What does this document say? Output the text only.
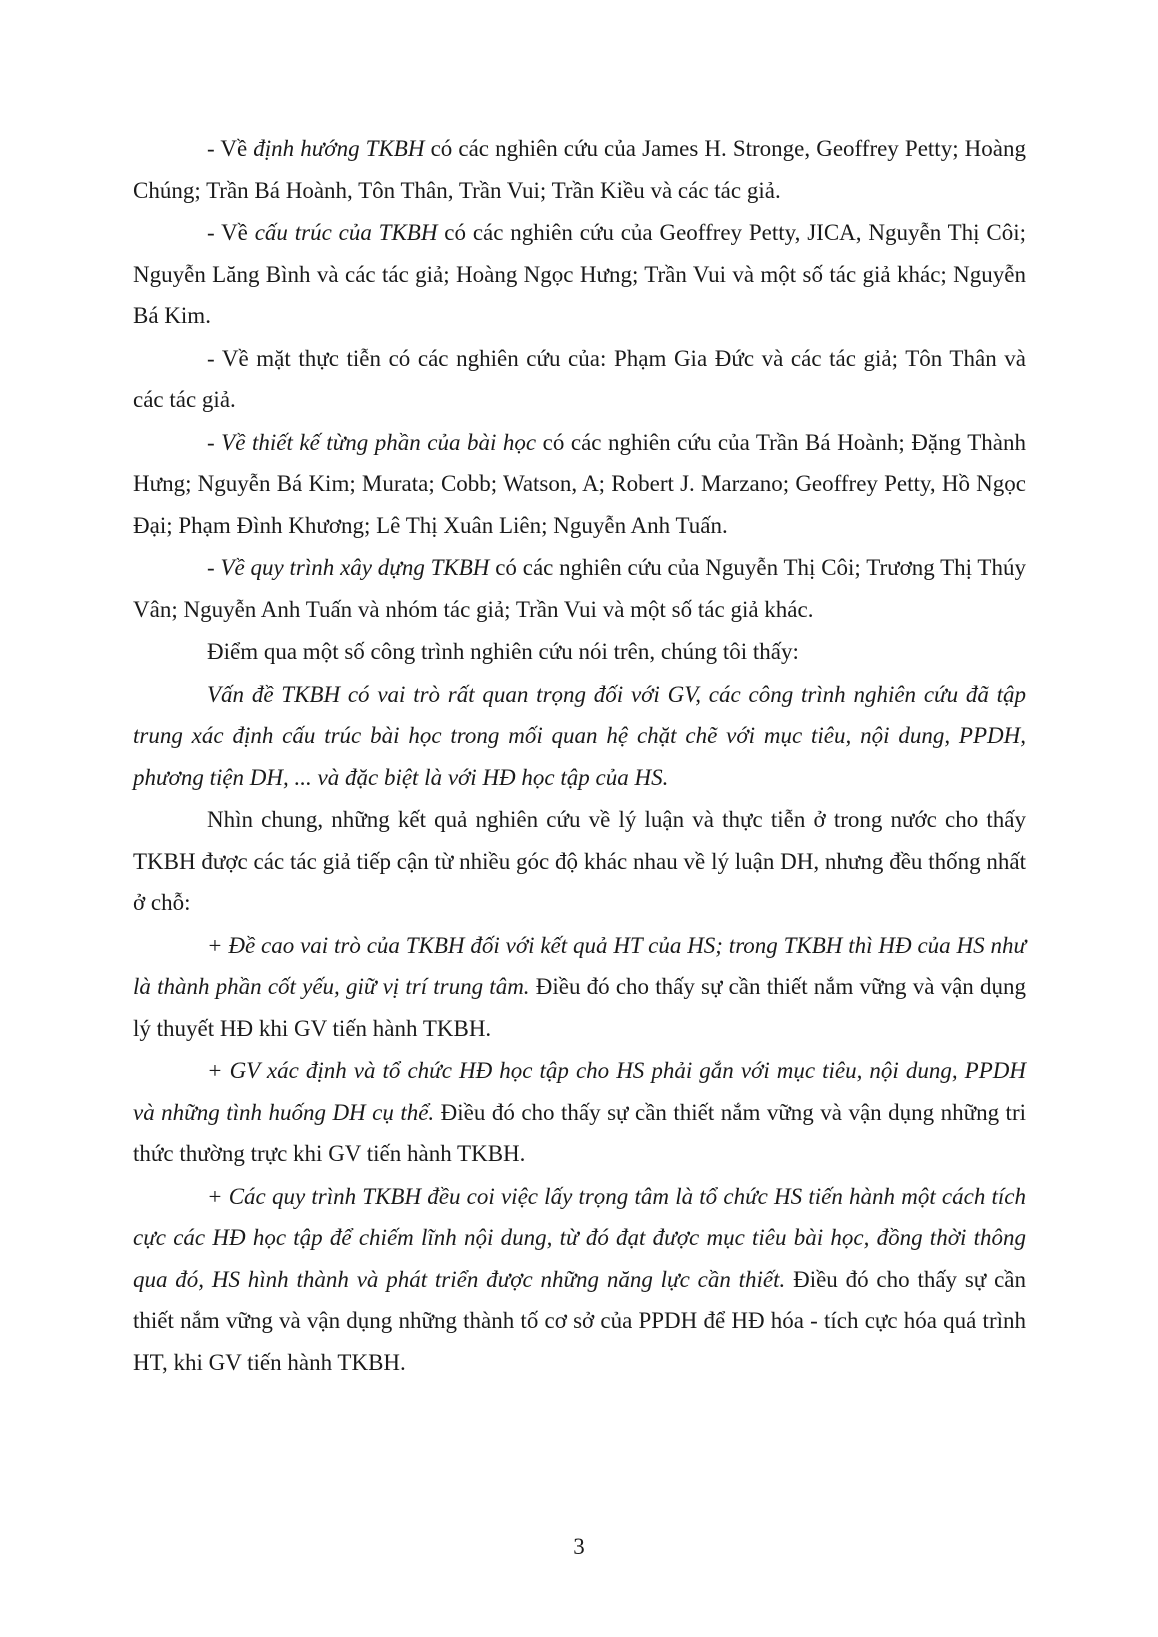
- Về định hướng TKBH có các nghiên cứu của James H. Stronge, Geoffrey Petty; Hoàng Chúng; Trần Bá Hoành, Tôn Thân, Trần Vui; Trần Kiều và các tác giả.

- Về cấu trúc của TKBH có các nghiên cứu của Geoffrey Petty, JICA, Nguyễn Thị Côi; Nguyễn Lăng Bình và các tác giả; Hoàng Ngọc Hưng; Trần Vui và một số tác giả khác; Nguyễn Bá Kim.

- Về mặt thực tiễn có các nghiên cứu của: Phạm Gia Đức và các tác giả; Tôn Thân và các tác giả.

- Về thiết kế từng phần của bài học có các nghiên cứu của Trần Bá Hoành; Đặng Thành Hưng; Nguyễn Bá Kim; Murata; Cobb; Watson, A; Robert J. Marzano; Geoffrey Petty, Hồ Ngọc Đại; Phạm Đình Khương; Lê Thị Xuân Liên; Nguyễn Anh Tuấn.

- Về quy trình xây dựng TKBH có các nghiên cứu của Nguyễn Thị Côi; Trương Thị Thúy Vân; Nguyễn Anh Tuấn và nhóm tác giả; Trần Vui và một số tác giả khác.

Điểm qua một số công trình nghiên cứu nói trên, chúng tôi thấy:

Vấn đề TKBH có vai trò rất quan trọng đối với GV, các công trình nghiên cứu đã tập trung xác định cấu trúc bài học trong mối quan hệ chặt chẽ với mục tiêu, nội dung, PPDH, phương tiện DH, ... và đặc biệt là với HĐ học tập của HS.

Nhìn chung, những kết quả nghiên cứu về lý luận và thực tiễn ở trong nước cho thấy TKBH được các tác giả tiếp cận từ nhiều góc độ khác nhau về lý luận DH, nhưng đều thống nhất ở chỗ:

+ Đề cao vai trò của TKBH đối với kết quả HT của HS; trong TKBH thì HĐ của HS như là thành phần cốt yếu, giữ vị trí trung tâm. Điều đó cho thấy sự cần thiết nắm vững và vận dụng lý thuyết HĐ khi GV tiến hành TKBH.

+ GV xác định và tổ chức HĐ học tập cho HS phải gắn với mục tiêu, nội dung, PPDH và những tình huống DH cụ thể. Điều đó cho thấy sự cần thiết nắm vững và vận dụng những tri thức thường trực khi GV tiến hành TKBH.

+ Các quy trình TKBH đều coi việc lấy trọng tâm là tổ chức HS tiến hành một cách tích cực các HĐ học tập để chiếm lĩnh nội dung, từ đó đạt được mục tiêu bài học, đồng thời thông qua đó, HS hình thành và phát triển được những năng lực cần thiết. Điều đó cho thấy sự cần thiết nắm vững và vận dụng những thành tố cơ sở của PPDH để HĐ hóa - tích cực hóa quá trình HT, khi GV tiến hành TKBH.

3
